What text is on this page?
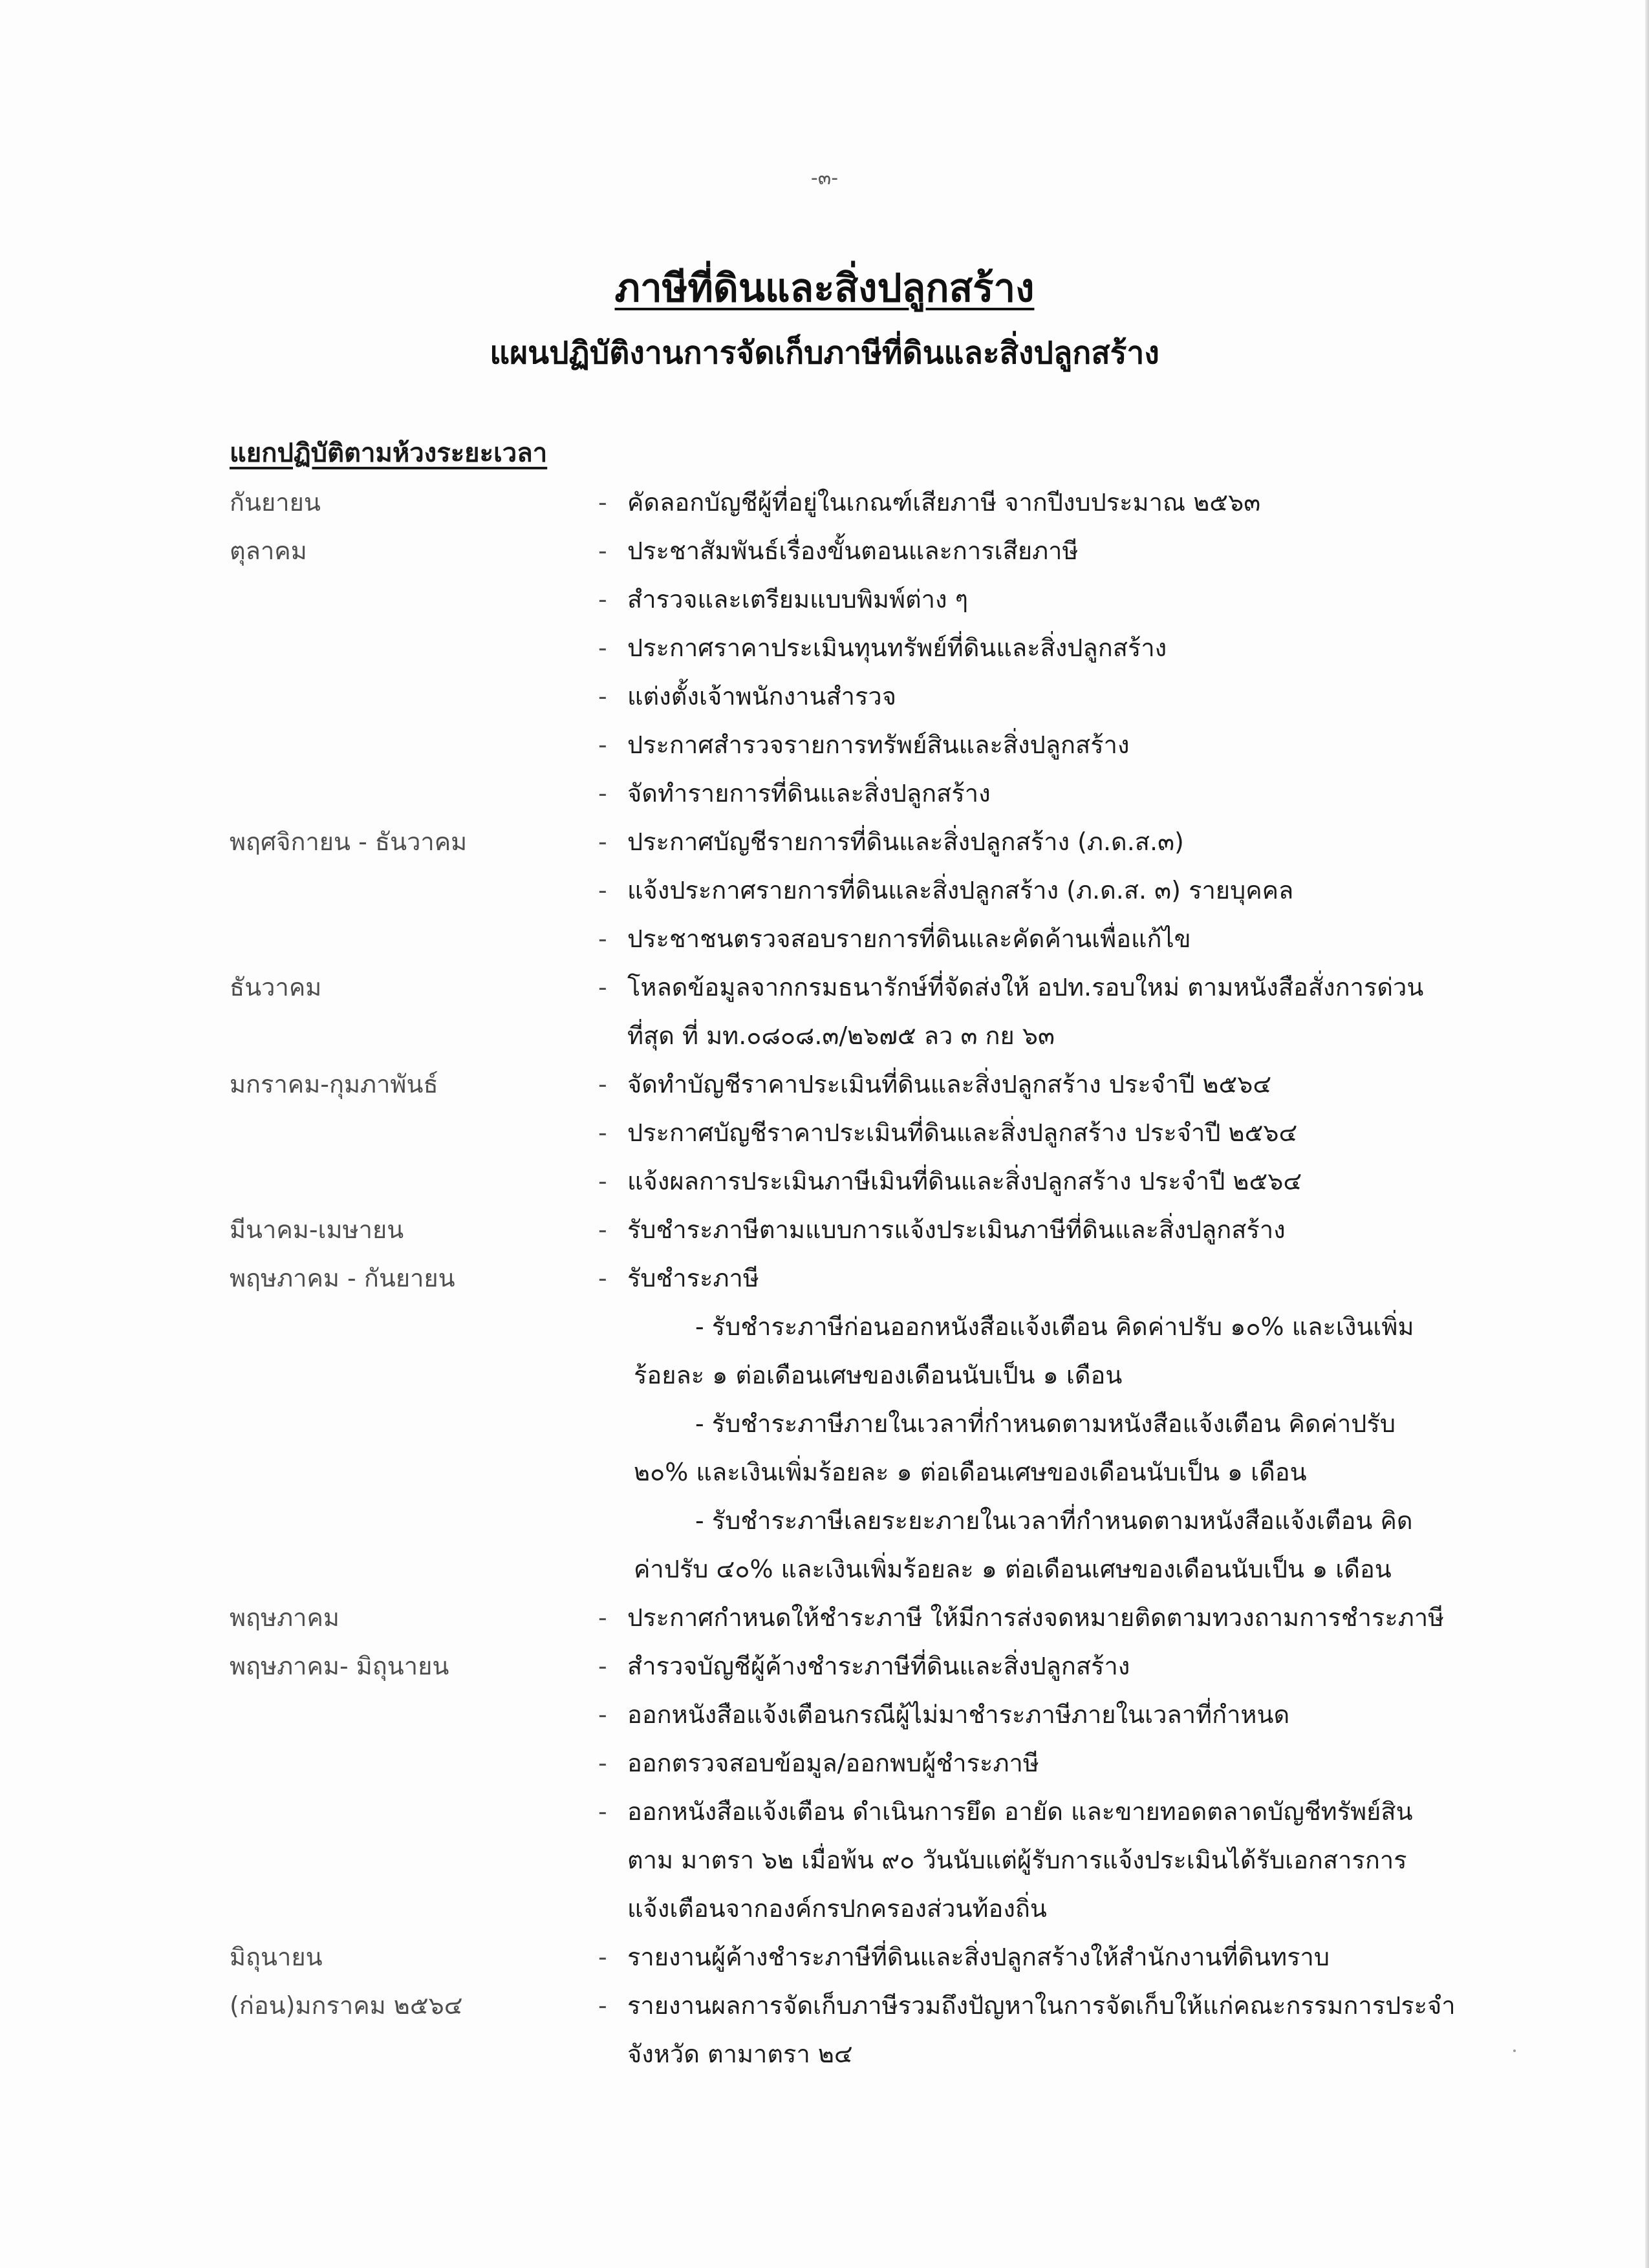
-๓-
ภาษีที่ดินและสิ่งปลูกสร้าง
แผนปฏิบัติงานการจัดเก็บภาษีที่ดินและสิ่งปลูกสร้าง
แยกปฏิบัติตามห้วงระยะเวลา
กันยายน	- คัดลอกบัญชีผู้ที่อยู่ในเกณฑ์เสียภาษี จากปีงบประมาณ ๒๕๖๓
ตุลาคม	- ประชาสัมพันธ์เรื่องขั้นตอนและการเสียภาษี
- สำรวจและเตรียมแบบพิมพ์ต่าง ๆ
- ประกาศราคาประเมินทุนทรัพย์ที่ดินและสิ่งปลูกสร้าง
- แต่งตั้งเจ้าพนักงานสำรวจ
- ประกาศสำรวจรายการทรัพย์สินและสิ่งปลูกสร้าง
- จัดทำรายการที่ดินและสิ่งปลูกสร้าง
พฤศจิกายน - ธันวาคม	- ประกาศบัญชีรายการที่ดินและสิ่งปลูกสร้าง (ภ.ด.ส.๓)
- แจ้งประกาศรายการที่ดินและสิ่งปลูกสร้าง (ภ.ด.ส. ๓) รายบุคคล
- ประชาชนตรวจสอบรายการที่ดินและคัดค้านเพื่อแก้ไข
ธันวาคม	- โหลดข้อมูลจากกรมธนารักษ์ที่จัดส่งให้ อปท.รอบใหม่ ตามหนังสือสั่งการด่วน
ที่สุด ที่ มท.๐๘๐๘.๓/๒๖๗๕ ลว ๓ กย ๖๓
มกราคม-กุมภาพันธ์	- จัดทำบัญชีราคาประเมินที่ดินและสิ่งปลูกสร้าง ประจำปี ๒๕๖๔
- ประกาศบัญชีราคาประเมินที่ดินและสิ่งปลูกสร้าง ประจำปี ๒๕๖๔
- แจ้งผลการประเมินภาษีเมินที่ดินและสิ่งปลูกสร้าง ประจำปี ๒๕๖๔
มีนาคม-เมษายน	- รับชำระภาษีตามแบบการแจ้งประเมินภาษีที่ดินและสิ่งปลูกสร้าง
พฤษภาคม - กันยายน	- รับชำระภาษี
- รับชำระภาษีก่อนออกหนังสือแจ้งเตือน คิดค่าปรับ ๑๐% และเงินเพิ่ม
ร้อยละ ๑ ต่อเดือนเศษของเดือนนับเป็น ๑ เดือน
- รับชำระภาษีภายในเวลาที่กำหนดตามหนังสือแจ้งเตือน คิดค่าปรับ
๒๐% และเงินเพิ่มร้อยละ ๑ ต่อเดือนเศษของเดือนนับเป็น ๑ เดือน
- รับชำระภาษีเลยระยะภายในเวลาที่กำหนดตามหนังสือแจ้งเตือน คิด
ค่าปรับ ๔๐% และเงินเพิ่มร้อยละ ๑ ต่อเดือนเศษของเดือนนับเป็น ๑ เดือน
พฤษภาคม	- ประกาศกำหนดให้ชำระภาษี ให้มีการส่งจดหมายติดตามทวงถามการชำระภาษี
พฤษภาคม- มิถุนายน	- สำรวจบัญชีผู้ค้างชำระภาษีที่ดินและสิ่งปลูกสร้าง
- ออกหนังสือแจ้งเตือนกรณีผู้ไม่มาชำระภาษีภายในเวลาที่กำหนด
- ออกตรวจสอบข้อมูล/ออกพบผู้ชำระภาษี
- ออกหนังสือแจ้งเตือน ดำเนินการยึด อายัด และขายทอดตลาดบัญชีทรัพย์สิน
ตาม มาตรา ๖๒ เมื่อพ้น ๙๐ วันนับแต่ผู้รับการแจ้งประเมินได้รับเอกสารการ
แจ้งเตือนจากองค์กรปกครองส่วนท้องถิ่น
มิถุนายน	- รายงานผู้ค้างชำระภาษีที่ดินและสิ่งปลูกสร้างให้สำนักงานที่ดินทราบ
(ก่อน)มกราคม ๒๕๖๔	- รายงานผลการจัดเก็บภาษีรวมถึงปัญหาในการจัดเก็บให้แก่คณะกรรมการประจำ
จังหวัด ตามาตรา ๒๔
